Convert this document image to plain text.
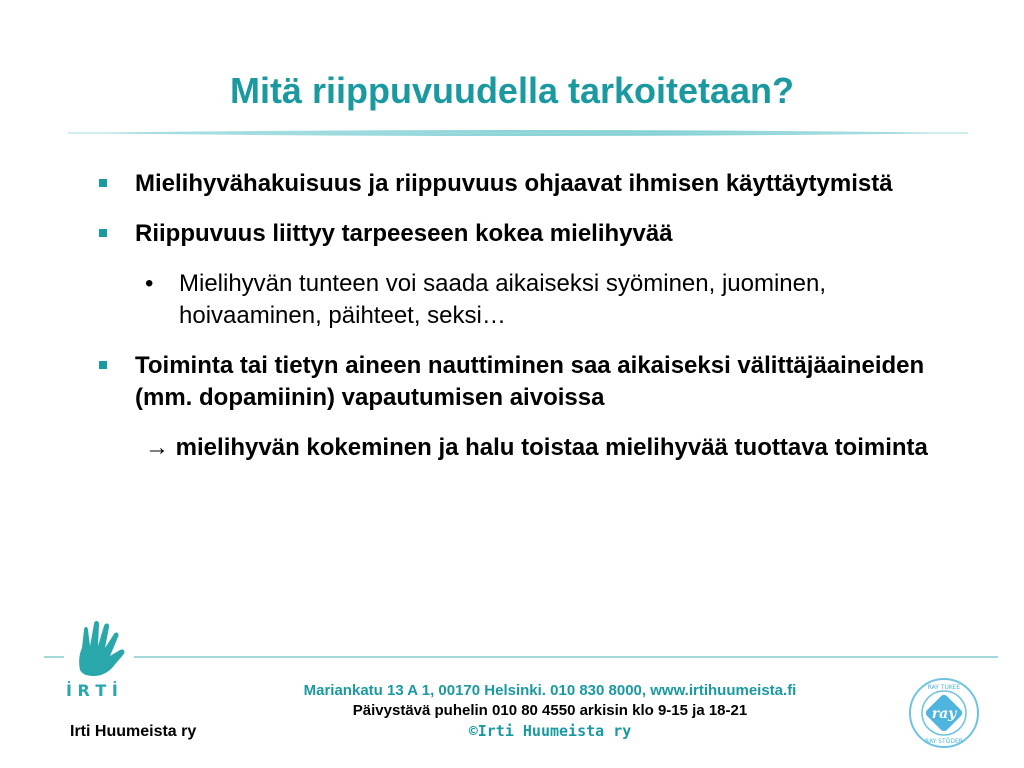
Mitä riippuvuudella tarkoitetaan?
Mielihyvähakuisuus ja riippuvuus ohjaavat ihmisen käyttäytymistä
Riippuvuus liittyy tarpeeseen kokea mielihyvää
• Mielihyvän tunteen voi saada aikaiseksi syöminen, juominen, hoivaaminen, päihteet, seksi…
Toiminta tai tietyn aineen nauttiminen saa aikaiseksi välittäjäaineiden (mm. dopamiinin) vapautumisen aivoissa
→ mielihyvän kokeminen ja halu toistaa mielihyvää tuottava toiminta
İ R T İ
Irti Huumeista ry
Mariankatu 13 A 1, 00170 Helsinki. 010 830 8000, www.irtihuumeista.fi
Päivystävä puhelin 010 80 4550 arkisin klo 9-15 ja 18-21
©Irti Huumeista ry
ray
RAY TUKEE
RAY STÖDER
